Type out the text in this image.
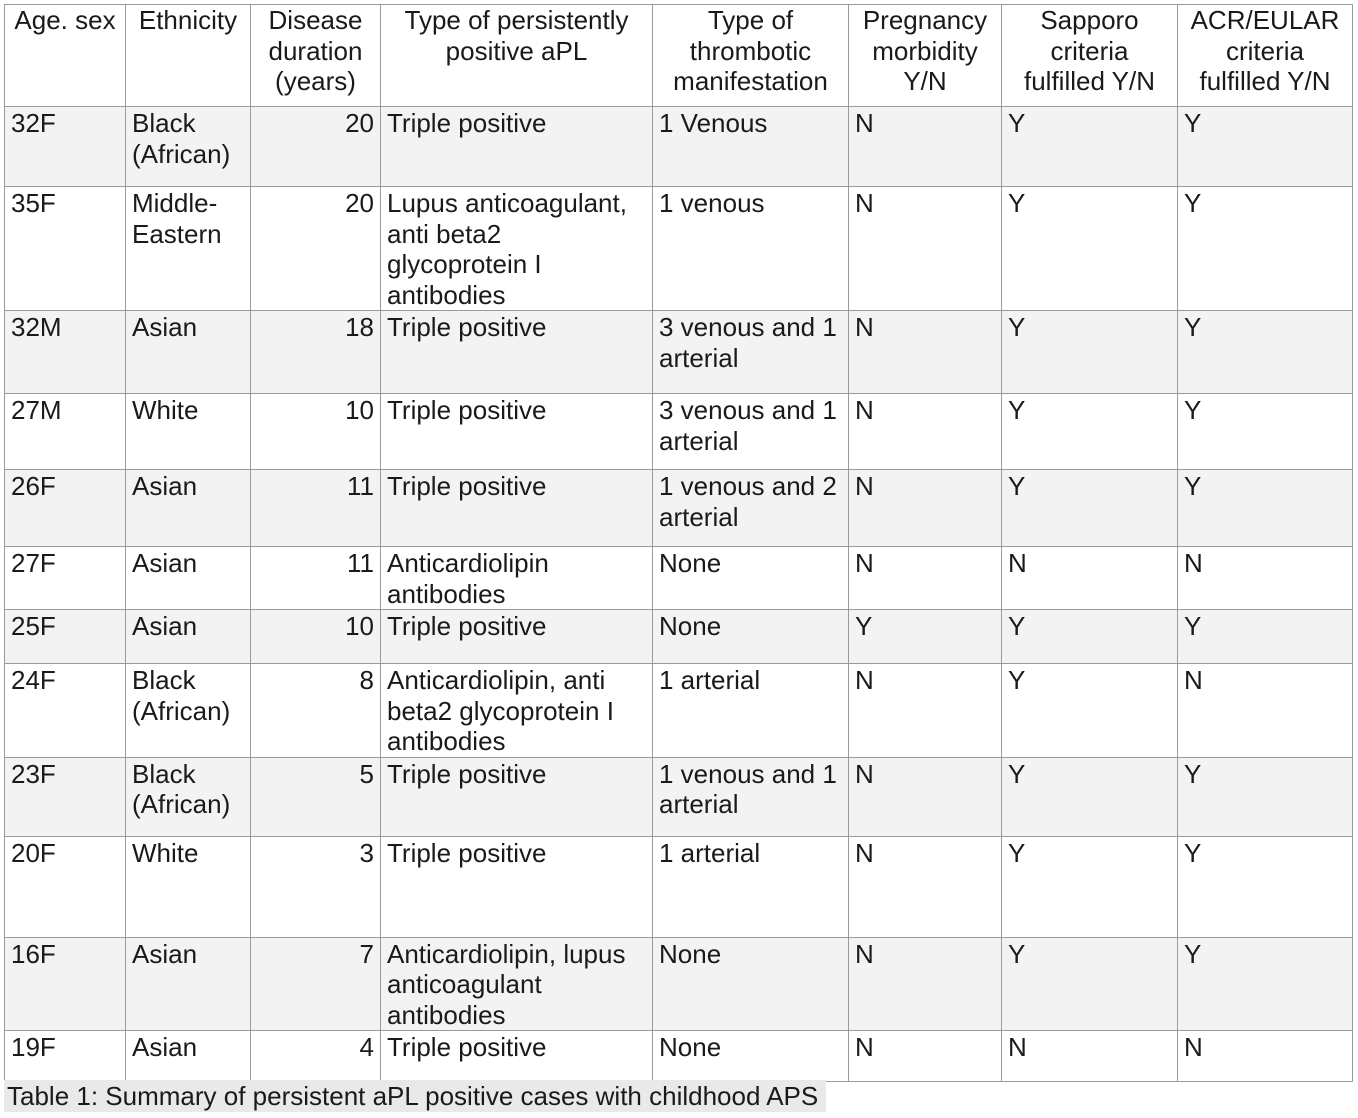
Age. sex	Ethnicity	Disease duration (years)	Type of persistently positive aPL	Type of thrombotic manifestation	Pregnancy morbidity Y/N	Sapporo criteria fulfilled Y/N	ACR/EULAR criteria fulfilled Y/N
32F	Black (African)	20	Triple positive	1 Venous	N	Y	Y
35F	Middle-Eastern	20	Lupus anticoagulant, anti beta2 glycoprotein I antibodies	1 venous	N	Y	Y
32M	Asian	18	Triple positive	3 venous and 1 arterial	N	Y	Y
27M	White	10	Triple positive	3 venous and 1 arterial	N	Y	Y
26F	Asian	11	Triple positive	1 venous and 2 arterial	N	Y	Y
27F	Asian	11	Anticardiolipin antibodies	None	N	N	N
25F	Asian	10	Triple positive	None	Y	Y	Y
24F	Black (African)	8	Anticardiolipin, anti beta2 glycoprotein I antibodies	1 arterial	N	Y	N
23F	Black (African)	5	Triple positive	1 venous and 1 arterial	N	Y	Y
20F	White	3	Triple positive	1 arterial	N	Y	Y
16F	Asian	7	Anticardiolipin, lupus anticoagulant antibodies	None	N	Y	Y
19F	Asian	4	Triple positive	None	N	N	N
Table 1: Summary of persistent aPL positive cases with childhood APS
